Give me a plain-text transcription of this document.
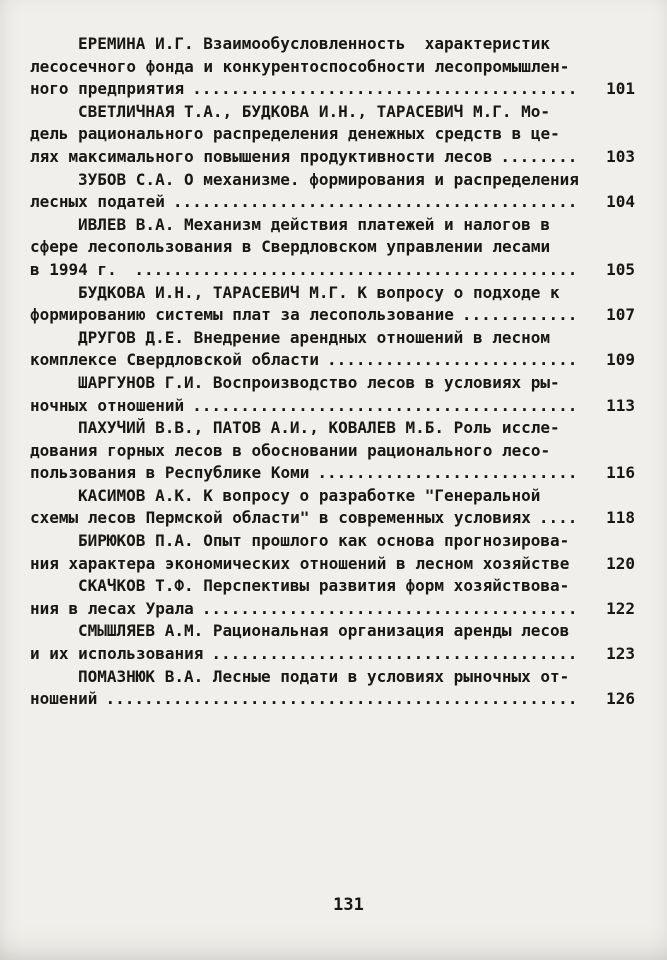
ЕРЕМИНА И.Г. Взаимообусловленность  характеристик
лесосечного фонда и конкурентоспособности лесопромышлен-
ного предприятия .....	101
СВЕТЛИЧНАЯ Т.А., БУДКОВА И.Н., ТАРАСЕВИЧ М.Г. Мо-
дель рационального распределения денежных средств в це-
лях максимального повышения продуктивности лесов .....	103
ЗУБОВ С.А. О механизме. формирования и распределения
лесных податей .....	104
ИВЛЕВ В.А. Механизм действия платежей и налогов в
сфере лесопользования в Свердловском управлении лесами
в 1994 г. .....	105
БУДКОВА И.Н., ТАРАСЕВИЧ М.Г. К вопросу о подходе к
формированию системы плат за лесопользование .....	107
ДРУГОВ Д.Е. Внедрение арендных отношений в лесном
комплексе Свердловской области .....	109
ШАРГУНОВ Г.И. Воспроизводство лесов в условиях ры-
ночных отношений .....	113
ПАХУЧИЙ В.В., ПАТОВ А.И., КОВАЛЕВ М.Б. Роль иссле-
дования горных лесов в обосновании рационального лесо-
пользования в Республике Коми .....	116
КАСИМОВ А.К. К вопросу о разработке "Генеральной
схемы лесов Пермской области" в современных условиях .....	118
БИРЮКОВ П.А. Опыт прошлого как основа прогнозирова-
ния характера экономических отношений в лесном хозяйстве	120
СКАЧКОВ Т.Ф. Перспективы развития форм хозяйствова-
ния в лесах Урала .....	122
СМЫШЛЯЕВ А.М. Рациональная организация аренды лесов
и их использования .....	123
ПОМАЗНЮК В.А. Лесные подати в условиях рыночных от-
ношений .....	126
131
